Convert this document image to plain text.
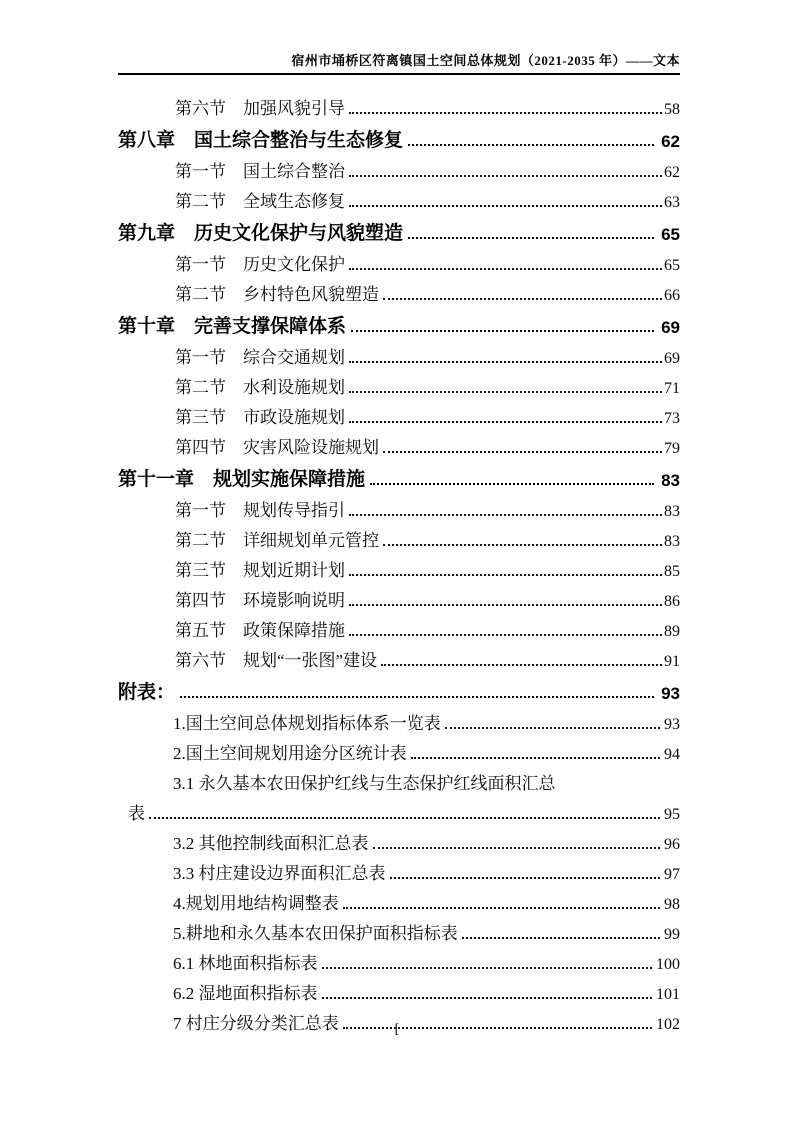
宿州市埇桥区符离镇国土空间总体规划（2021-2035 年）——文本
第六节　加强风貌引导	58
第八章　国土综合整治与生态修复	62
第一节　国土综合整治	62
第二节　全域生态修复	63
第九章　历史文化保护与风貌塑造	65
第一节　历史文化保护	65
第二节　乡村特色风貌塑造	66
第十章　完善支撑保障体系	69
第一节　综合交通规划	69
第二节　水利设施规划	71
第三节　市政设施规划	73
第四节　灾害风险设施规划	79
第十一章　规划实施保障措施	83
第一节　规划传导指引	83
第二节　详细规划单元管控	83
第三节　规划近期计划	85
第四节　环境影响说明	86
第五节　政策保障措施	89
第六节　规划“一张图”建设	91
附表：	93
1.国土空间总体规划指标体系一览表	93
2.国土空间规划用途分区统计表	94
3.1 永久基本农田保护红线与生态保护红线面积汇总
表	95
3.2 其他控制线面积汇总表	96
3.3 村庄建设边界面积汇总表	97
4.规划用地结构调整表	98
5.耕地和永久基本农田保护面积指标表	99
6.1 林地面积指标表	100
6.2 湿地面积指标表	101
7 村庄分级分类汇总表	102
[
